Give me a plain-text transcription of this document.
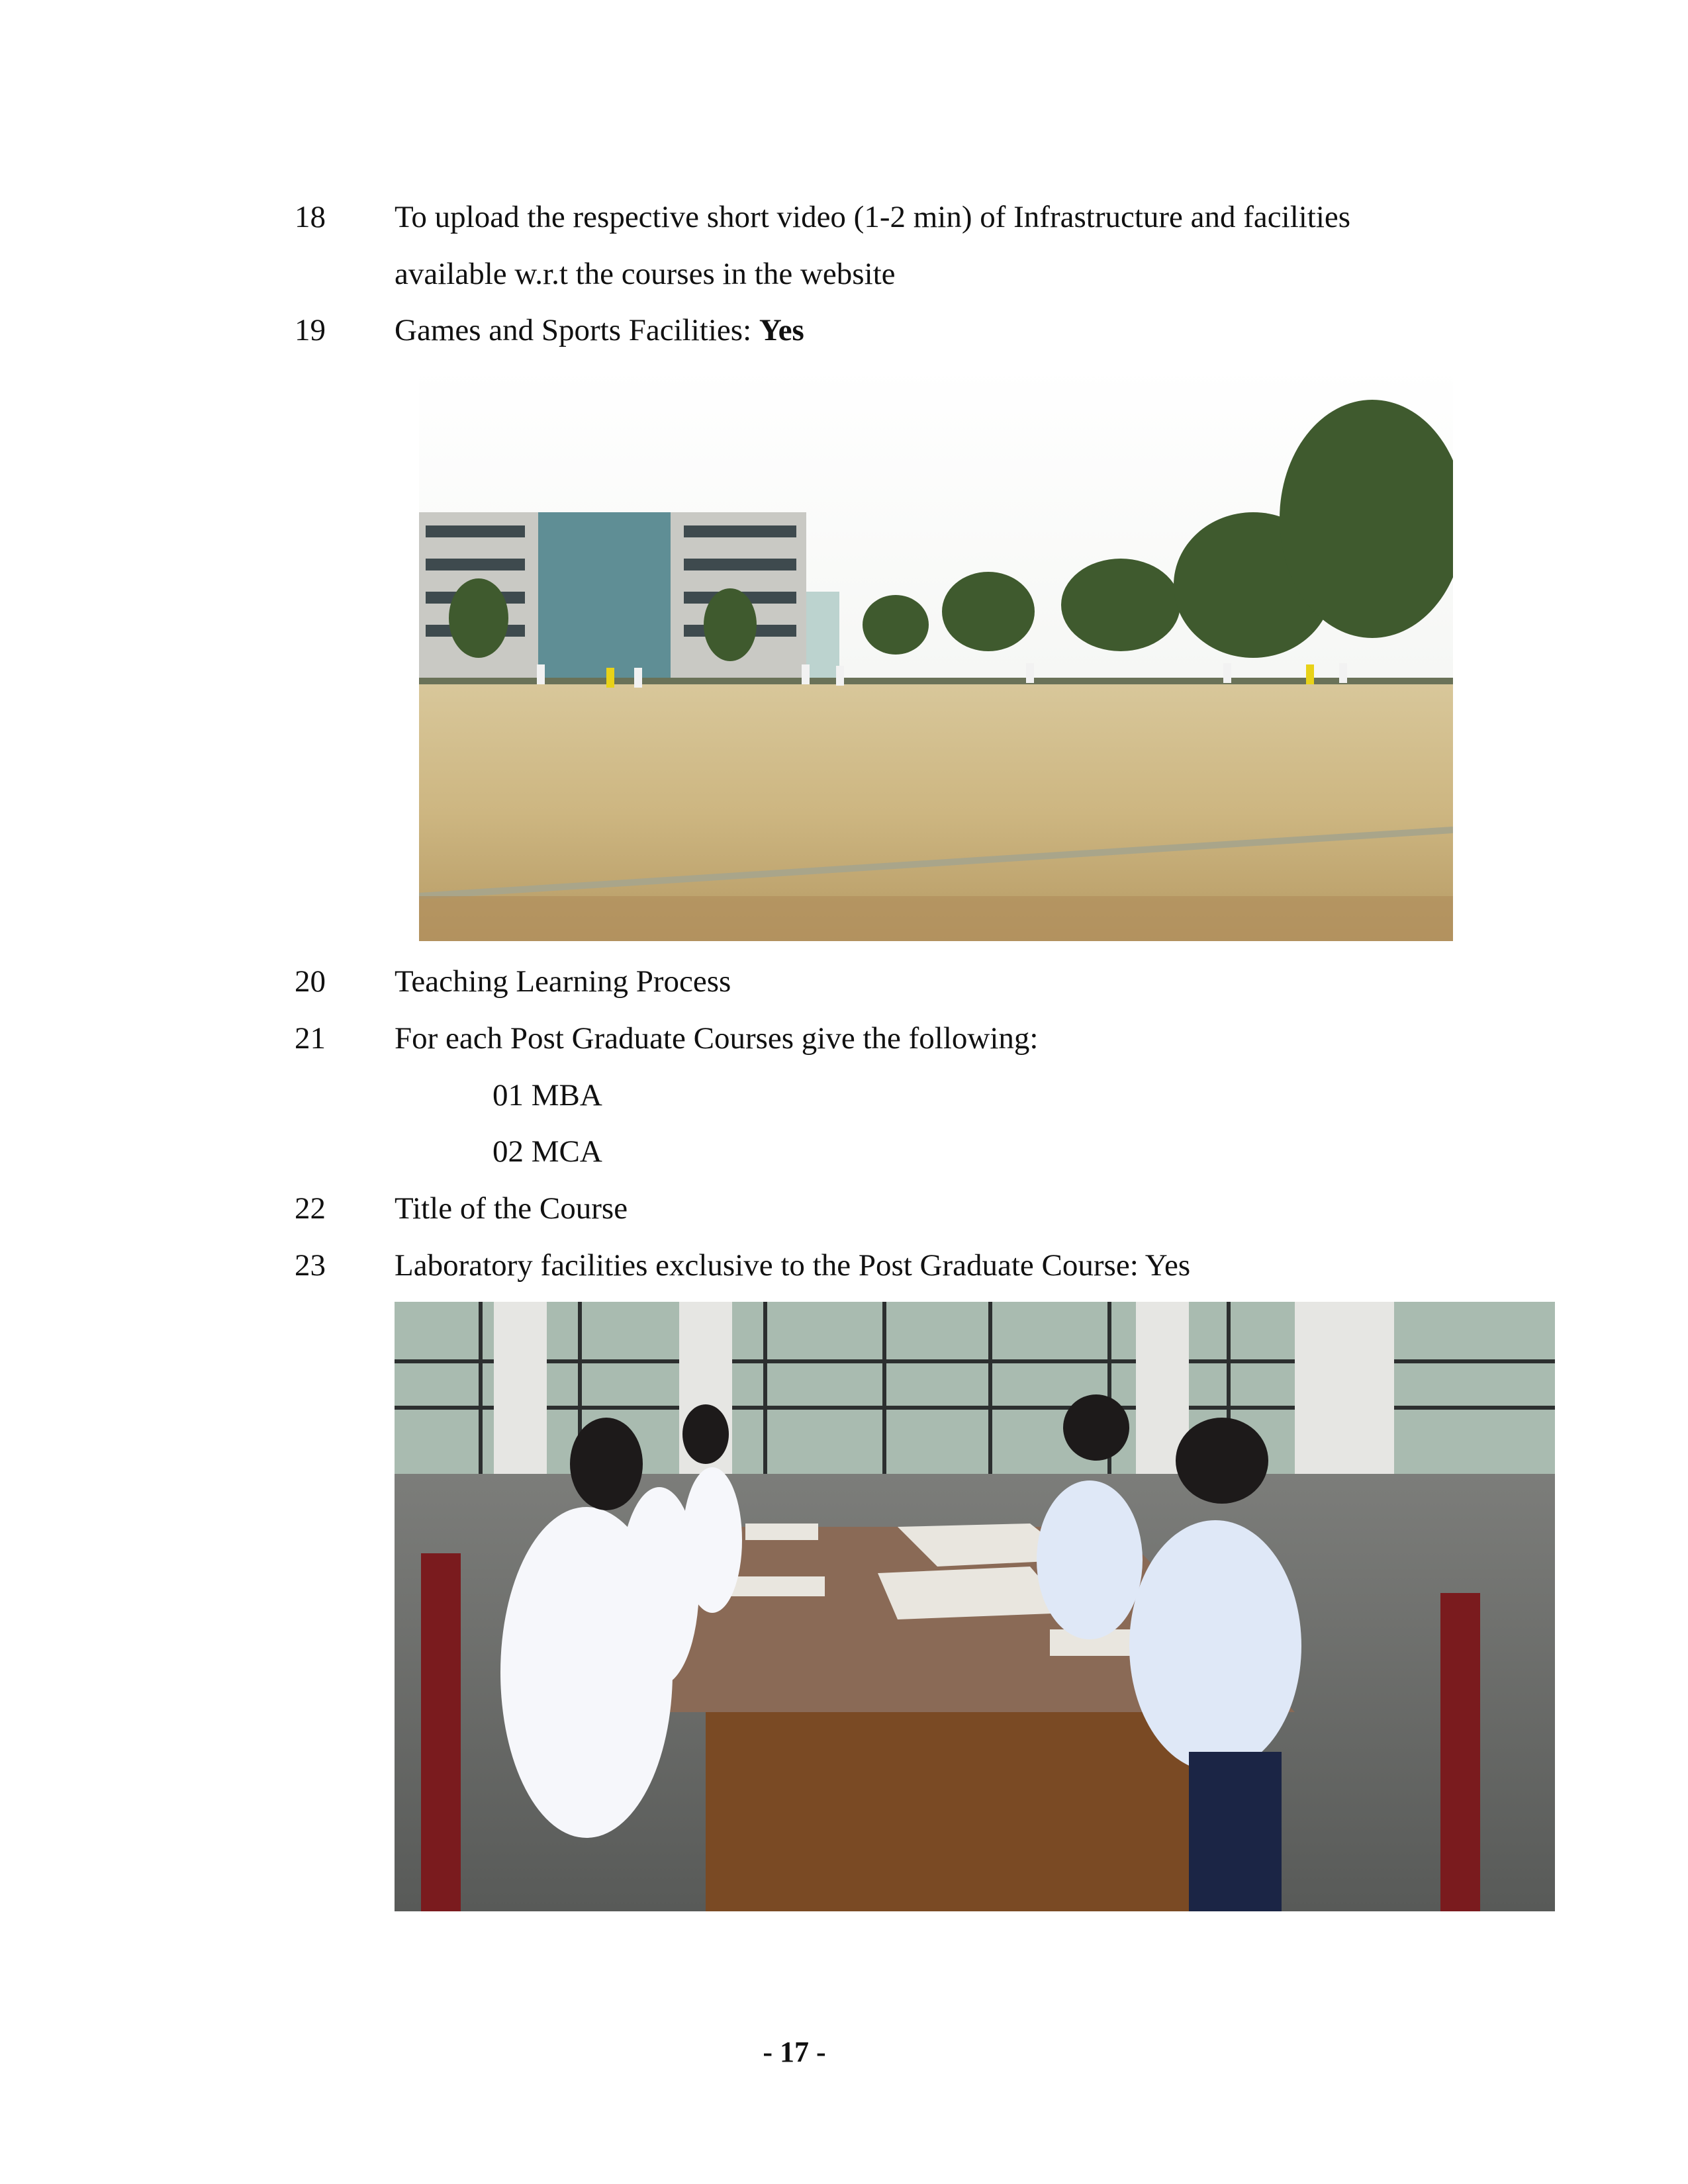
18 To upload the respective short video (1-2 min) of Infrastructure and facilities
available w.r.t the courses in the website
19 Games and Sports Facilities: Yes
20 Teaching Learning Process
21 For each Post Graduate Courses give the following:
01 MBA
02 MCA
22 Title of the Course
23 Laboratory facilities exclusive to the Post Graduate Course: Yes
- 17 -
